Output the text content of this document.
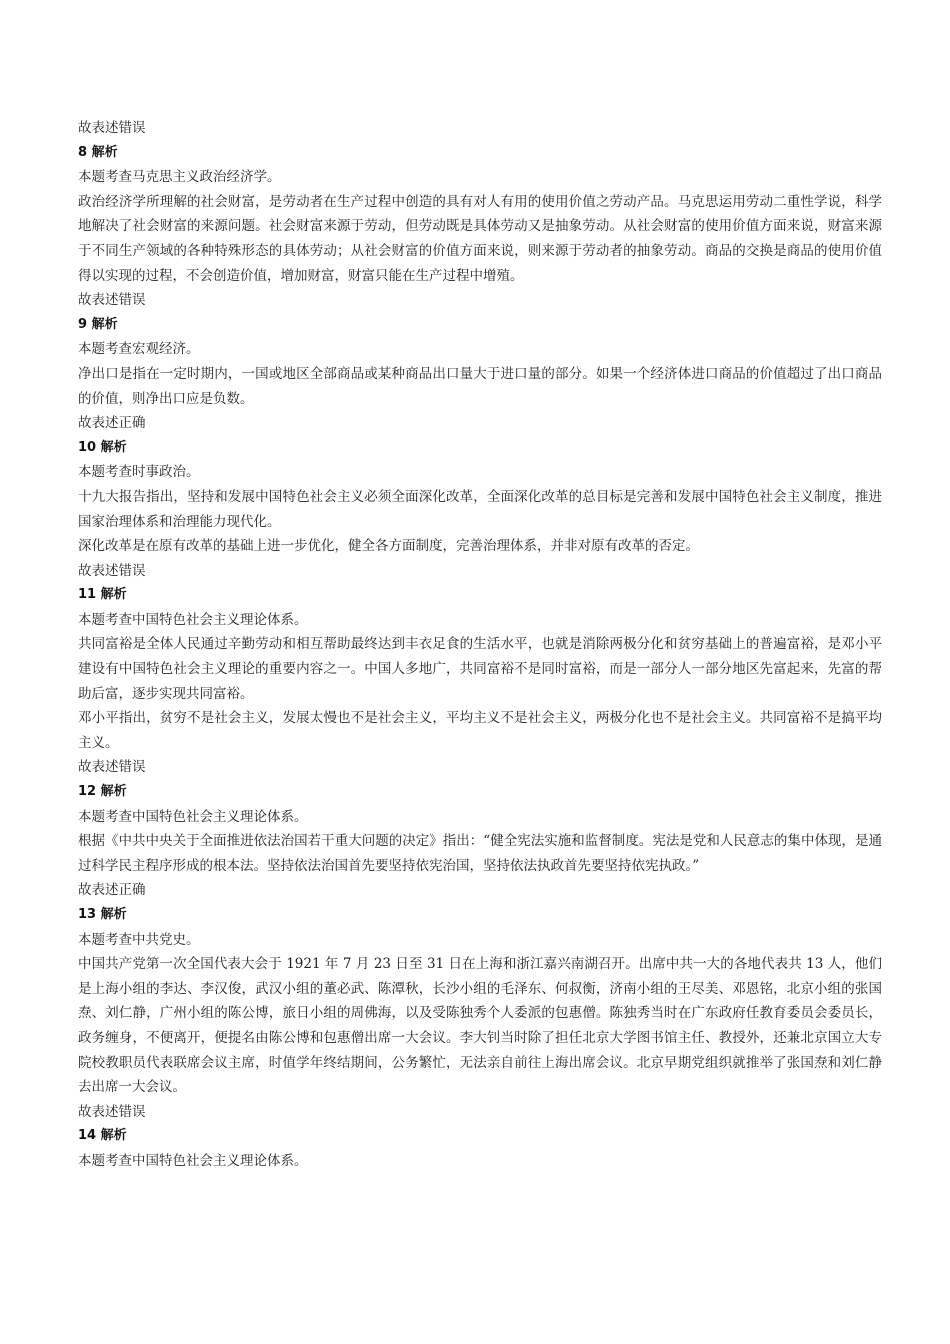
故表述错误

8 解析

本题考查马克思主义政治经济学。

政治经济学所理解的社会财富，是劳动者在生产过程中创造的具有对人有用的使用价值之劳动产品。马克思运用劳动二重性学说，科学地解决了社会财富的来源问题。社会财富来源于劳动，但劳动既是具体劳动又是抽象劳动。从社会财富的使用价值方面来说，财富来源于不同生产领域的各种特殊形态的具体劳动；从社会财富的价值方面来说，则来源于劳动者的抽象劳动。商品的交换是商品的使用价值得以实现的过程，不会创造价值，增加财富，财富只能在生产过程中增殖。

故表述错误

9 解析

本题考查宏观经济。

净出口是指在一定时期内，一国或地区全部商品或某种商品出口量大于进口量的部分。如果一个经济体进口商品的价值超过了出口商品的价值，则净出口应是负数。

故表述正确

10 解析

本题考查时事政治。

十九大报告指出，坚持和发展中国特色社会主义必须全面深化改革，全面深化改革的总目标是完善和发展中国特色社会主义制度，推进国家治理体系和治理能力现代化。

深化改革是在原有改革的基础上进一步优化，健全各方面制度，完善治理体系，并非对原有改革的否定。

故表述错误

11 解析

本题考查中国特色社会主义理论体系。

共同富裕是全体人民通过辛勤劳动和相互帮助最终达到丰衣足食的生活水平，也就是消除两极分化和贫穷基础上的普遍富裕，是邓小平建设有中国特色社会主义理论的重要内容之一。中国人多地广，共同富裕不是同时富裕，而是一部分人一部分地区先富起来，先富的帮助后富，逐步实现共同富裕。

邓小平指出，贫穷不是社会主义，发展太慢也不是社会主义，平均主义不是社会主义，两极分化也不是社会主义。共同富裕不是搞平均主义。

故表述错误

12 解析

本题考查中国特色社会主义理论体系。

根据《中共中央关于全面推进依法治国若干重大问题的决定》指出：“健全宪法实施和监督制度。宪法是党和人民意志的集中体现，是通过科学民主程序形成的根本法。坚持依法治国首先要坚持依宪治国，坚持依法执政首先要坚持依宪执政。”

故表述正确

13 解析

本题考查中共党史。

中国共产党第一次全国代表大会于 1921 年 7 月 23 日至 31 日在上海和浙江嘉兴南湖召开。出席中共一大的各地代表共 13 人，他们是上海小组的李达、李汉俊，武汉小组的董必武、陈潭秋，长沙小组的毛泽东、何叔衡，济南小组的王尽美、邓恩铭，北京小组的张国焘、刘仁静，广州小组的陈公博，旅日小组的周佛海，以及受陈独秀个人委派的包惠僧。陈独秀当时在广东政府任教育委员会委员长，政务缠身，不便离开，便提名由陈公博和包惠僧出席一大会议。李大钊当时除了担任北京大学图书馆主任、教授外，还兼北京国立大专院校教职员代表联席会议主席，时值学年终结期间，公务繁忙，无法亲自前往上海出席会议。北京早期党组织就推举了张国焘和刘仁静去出席一大会议。

故表述错误

14 解析

本题考查中国特色社会主义理论体系。
